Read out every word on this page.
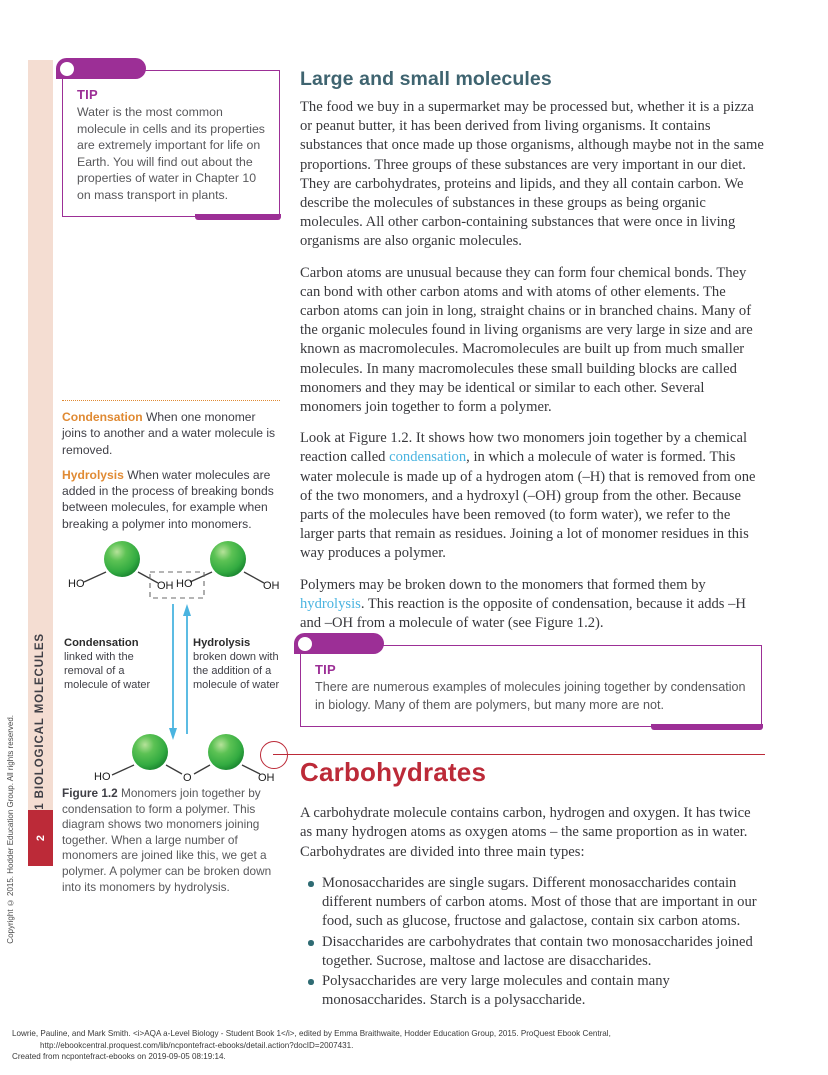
1 BIOLOGICAL MOLECULES
2
Copyright © 2015. Hodder Education Group. All rights reserved.
TIP

Water is the most common molecule in cells and its properties are extremely important for life on Earth. You will find out about the properties of water in Chapter 10 on mass transport in plants.

Condensation When one monomer joins to another and a water molecule is removed.

Hydrolysis When water molecules are added in the process of breaking bonds between molecules, for example when breaking a polymer into monomers.

HO	OH HO	OH
Condensation
linked with the
removal of a
molecule of water
Hydrolysis
broken down with
the addition of a
molecule of water
HO	O	OH
Figure 1.2 Monomers join together by condensation to form a polymer. This diagram shows two monomers joining together. When a large number of monomers are joined like this, we get a polymer. A polymer can be broken down into its monomers by hydrolysis.
Large and small molecules

The food we buy in a supermarket may be processed but, whether it is a pizza or peanut butter, it has been derived from living organisms. It contains substances that once made up those organisms, although maybe not in the same proportions. Three groups of these substances are very important in our diet. They are carbohydrates, proteins and lipids, and they all contain carbon. We describe the molecules of substances in these groups as being organic molecules. All other carbon-containing substances that were once in living organisms are also organic molecules.

Carbon atoms are unusual because they can form four chemical bonds. They can bond with other carbon atoms and with atoms of other elements. The carbon atoms can join in long, straight chains or in branched chains. Many of the organic molecules found in living organisms are very large in size and are known as macromolecules. Macromolecules are built up from much smaller molecules. In many macromolecules these small building blocks are called monomers and they may be identical or similar to each other. Several monomers join together to form a polymer.

Look at Figure 1.2. It shows how two monomers join together by a chemical reaction called condensation, in which a molecule of water is formed. This water molecule is made up of a hydrogen atom (–H) that is removed from one of the two monomers, and a hydroxyl (–OH) group from the other. Because parts of the molecules have been removed (to form water), we refer to the larger parts that remain as residues. Joining a lot of monomer residues in this way produces a polymer.

Polymers may be broken down to the monomers that formed them by hydrolysis. This reaction is the opposite of condensation, because it adds –H and –OH from a molecule of water (see Figure 1.2).

TIP

There are numerous examples of molecules joining together by condensation in biology. Many of them are polymers, but many more are not.

Carbohydrates

A carbohydrate molecule contains carbon, hydrogen and oxygen. It has twice as many hydrogen atoms as oxygen atoms – the same proportion as in water. Carbohydrates are divided into three main types:

Monosaccharides are single sugars. Different monosaccharides contain different numbers of carbon atoms. Most of those that are important in our food, such as glucose, fructose and galactose, contain six carbon atoms.
Disaccharides are carbohydrates that contain two monosaccharides joined together. Sucrose, maltose and lactose are disaccharides.
Polysaccharides are very large molecules and contain many monosaccharides. Starch is a polysaccharide.
Lowrie, Pauline, and Mark Smith. <i>AQA a-Level Biology - Student Book 1</i>, edited by Emma Braithwaite, Hodder Education Group, 2015. ProQuest Ebook Central,
http://ebookcentral.proquest.com/lib/ncpontefract-ebooks/detail.action?docID=2007431.
Created from ncpontefract-ebooks on 2019-09-05 08:19:14.
